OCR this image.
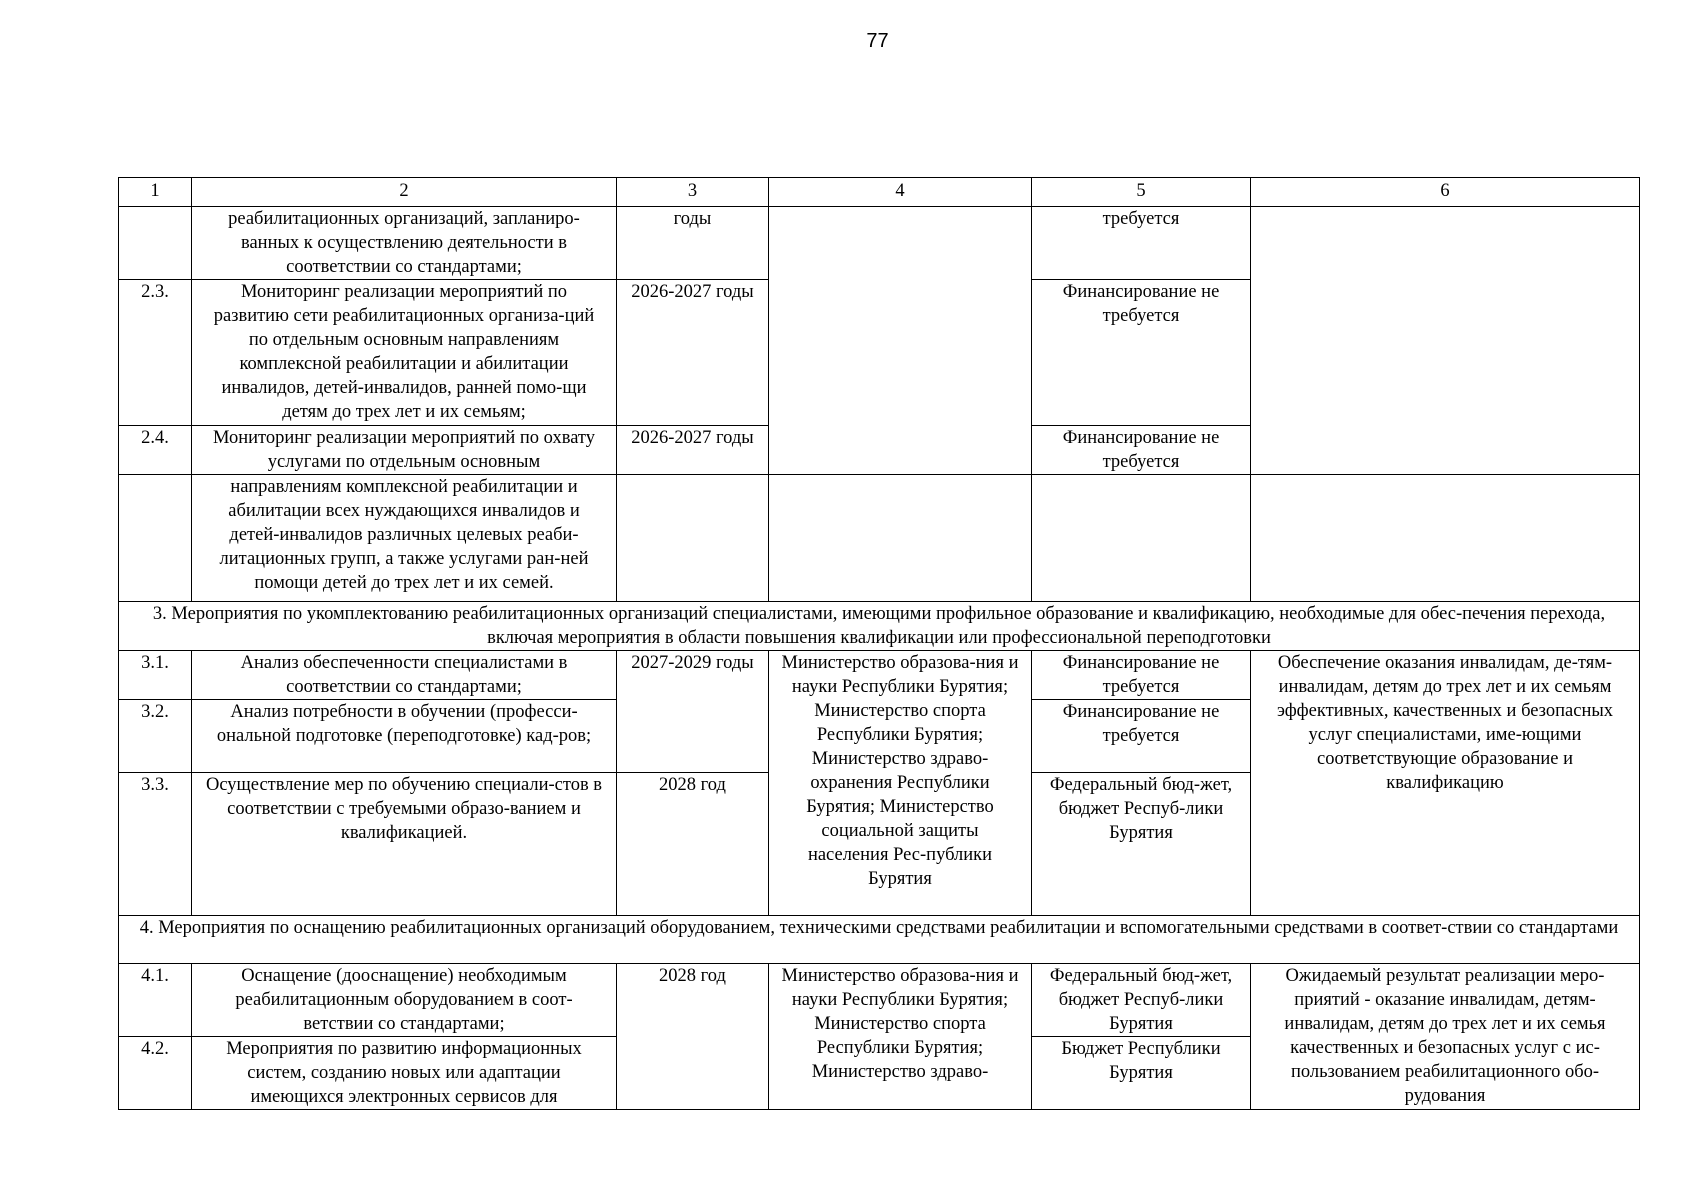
77
1	2	3	4	5	6
	реабилитационных организаций, запланиро-ванных к осуществлению деятельности в соответствии со стандартами;	годы		требуется	
2.3.	Мониторинг реализации мероприятий по развитию сети реабилитационных организа-ций по отдельным основным направлениям комплексной реабилитации и абилитации инвалидов, детей-инвалидов, ранней помо-щи детям до трех лет и их семьям;	2026-2027 годы		Финансирование не требуется	
2.4.	Мониторинг реализации мероприятий по охвату услугами по отдельным основным	2026-2027 годы		Финансирование не требуется	
	направлениям комплексной реабилитации и абилитации всех нуждающихся инвалидов и детей-инвалидов различных целевых реаби-литационных групп, а также услугами ран-ней помощи детей до трех лет и их семей.				
3. Мероприятия по укомплектованию реабилитационных организаций специалистами, имеющими профильное образование и квалификацию, необходимые для обес-печения перехода, включая мероприятия в области повышения квалификации или профессиональной переподготовки					
3.1.	Анализ обеспеченности специалистами в соответствии со стандартами;	2027-2029 годы	Министерство образова-ния и науки Республики Бурятия; Министерство спорта Республики Бурятия; Министерство здраво-охранения Республики Бурятия; Министерство социальной защиты населения Рес-публики Бурятия	Финансирование не требуется	Обеспечение оказания инвалидам, де-тям-инвалидам, детям до трех лет и их семьям эффективных, качественных и безопасных услуг специалистами, име-ющими соответствующие образование и квалификацию
3.2.	Анализ потребности в обучении (професси-ональной подготовке (переподготовке) кад-ров;			Финансирование не требуется	
3.3.	Осуществление мер по обучению специали-стов в соответствии с требуемыми образо-ванием и квалификацией.	2028 год		Федеральный бюд-жет, бюджет Респуб-лики Бурятия	
4. Мероприятия по оснащению реабилитационных организаций оборудованием, техническими средствами реабилитации и вспомогательными средствами в соответ-ствии со стандартами					
4.1.	Оснащение (дооснащение) необходимым реабилитационным оборудованием в соот-ветствии со стандартами;	2028 год	Министерство образова-ния и науки Республики Бурятия; Министерство спорта Республики Бурятия; Министерство здраво-	Федеральный бюд-жет, бюджет Респуб-лики Бурятия	Ожидаемый результат реализации меро-приятий - оказание инвалидам, детям-инвалидам, детям до трех лет и их семья качественных и безопасных услуг с ис-пользованием реабилитационного обо-рудования
4.2.	Мероприятия по развитию информационных систем, созданию новых или адаптации имеющихся электронных сервисов для			Бюджет Республики Бурятия	
